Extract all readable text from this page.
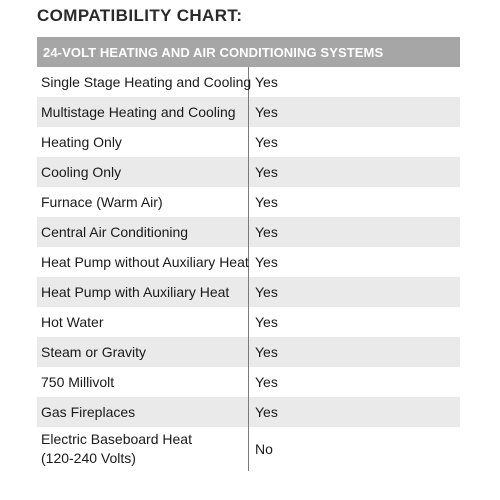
COMPATIBILITY CHART:
24-VOLT HEATING AND AIR CONDITIONING SYSTEMS	
Single Stage Heating and Cooling	Yes
Multistage Heating and Cooling	Yes
Heating Only	Yes
Cooling Only	Yes
Furnace (Warm Air)	Yes
Central Air Conditioning	Yes
Heat Pump without Auxiliary Heat	Yes
Heat Pump with Auxiliary Heat	Yes
Hot Water	Yes
Steam or Gravity	Yes
750 Millivolt	Yes
Gas Fireplaces	Yes
Electric Baseboard Heat
(120-240 Volts)	No
